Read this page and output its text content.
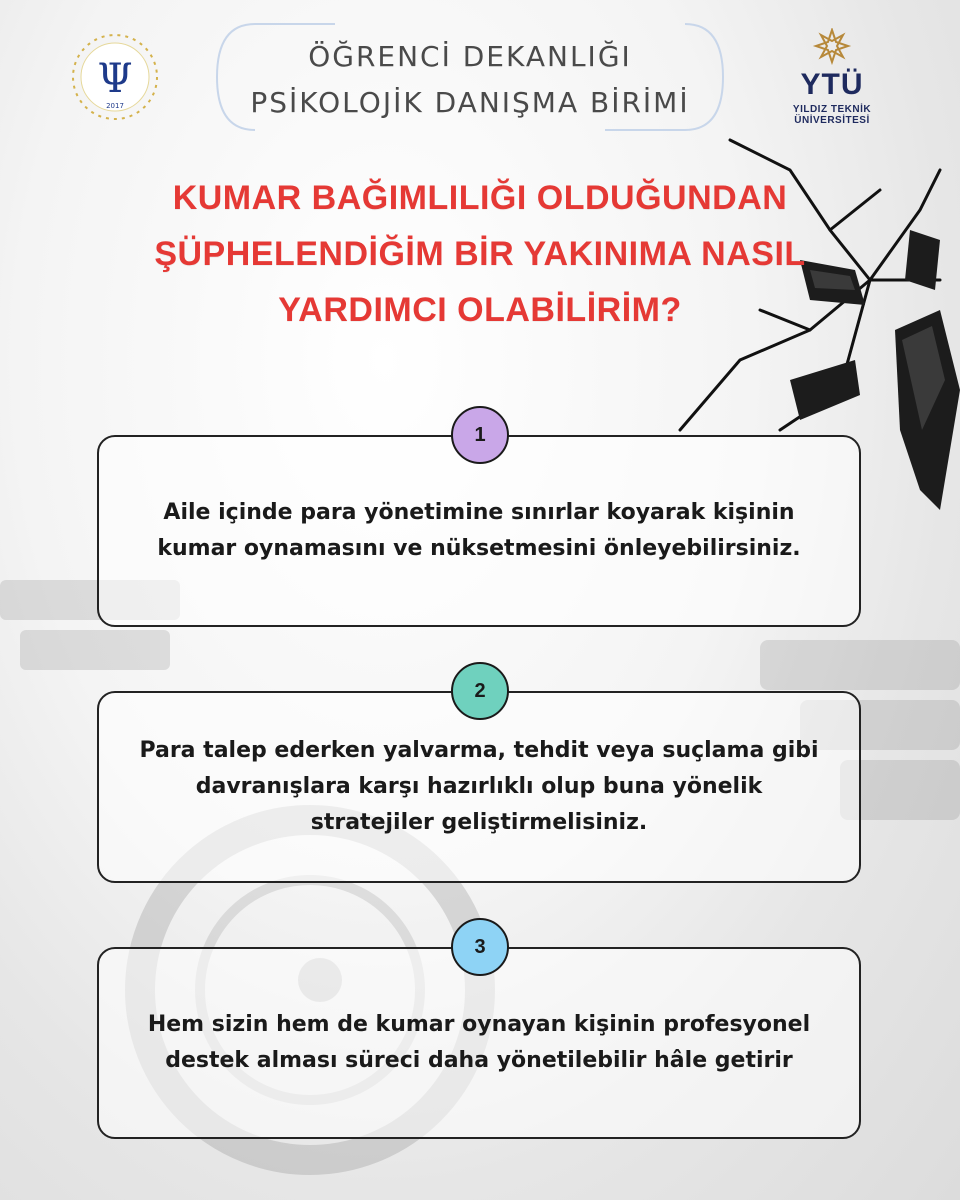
ÖĞRENCİ DEKANLIĞI
PSİKOLOJİK DANIŞMA BİRİMİ
Ψ
2017
YTÜ
YILDIZ TEKNİK
ÜNİVERSİTESİ
KUMAR BAĞIMLILIĞI OLDUĞUNDAN
ŞÜPHELENDİĞİM BİR YAKINIMA NASIL
YARDIMCI OLABİLİRİM?
Aile içinde para yönetimine sınırlar koyarak kişinin kumar oynamasını ve nüksetmesini önleyebilirsiniz.
1
Para talep ederken yalvarma, tehdit veya suçlama gibi davranışlara karşı hazırlıklı olup buna yönelik stratejiler geliştirmelisiniz.
2
Hem sizin hem de kumar oynayan kişinin profesyonel destek alması süreci daha yönetilebilir hâle getirir
3
